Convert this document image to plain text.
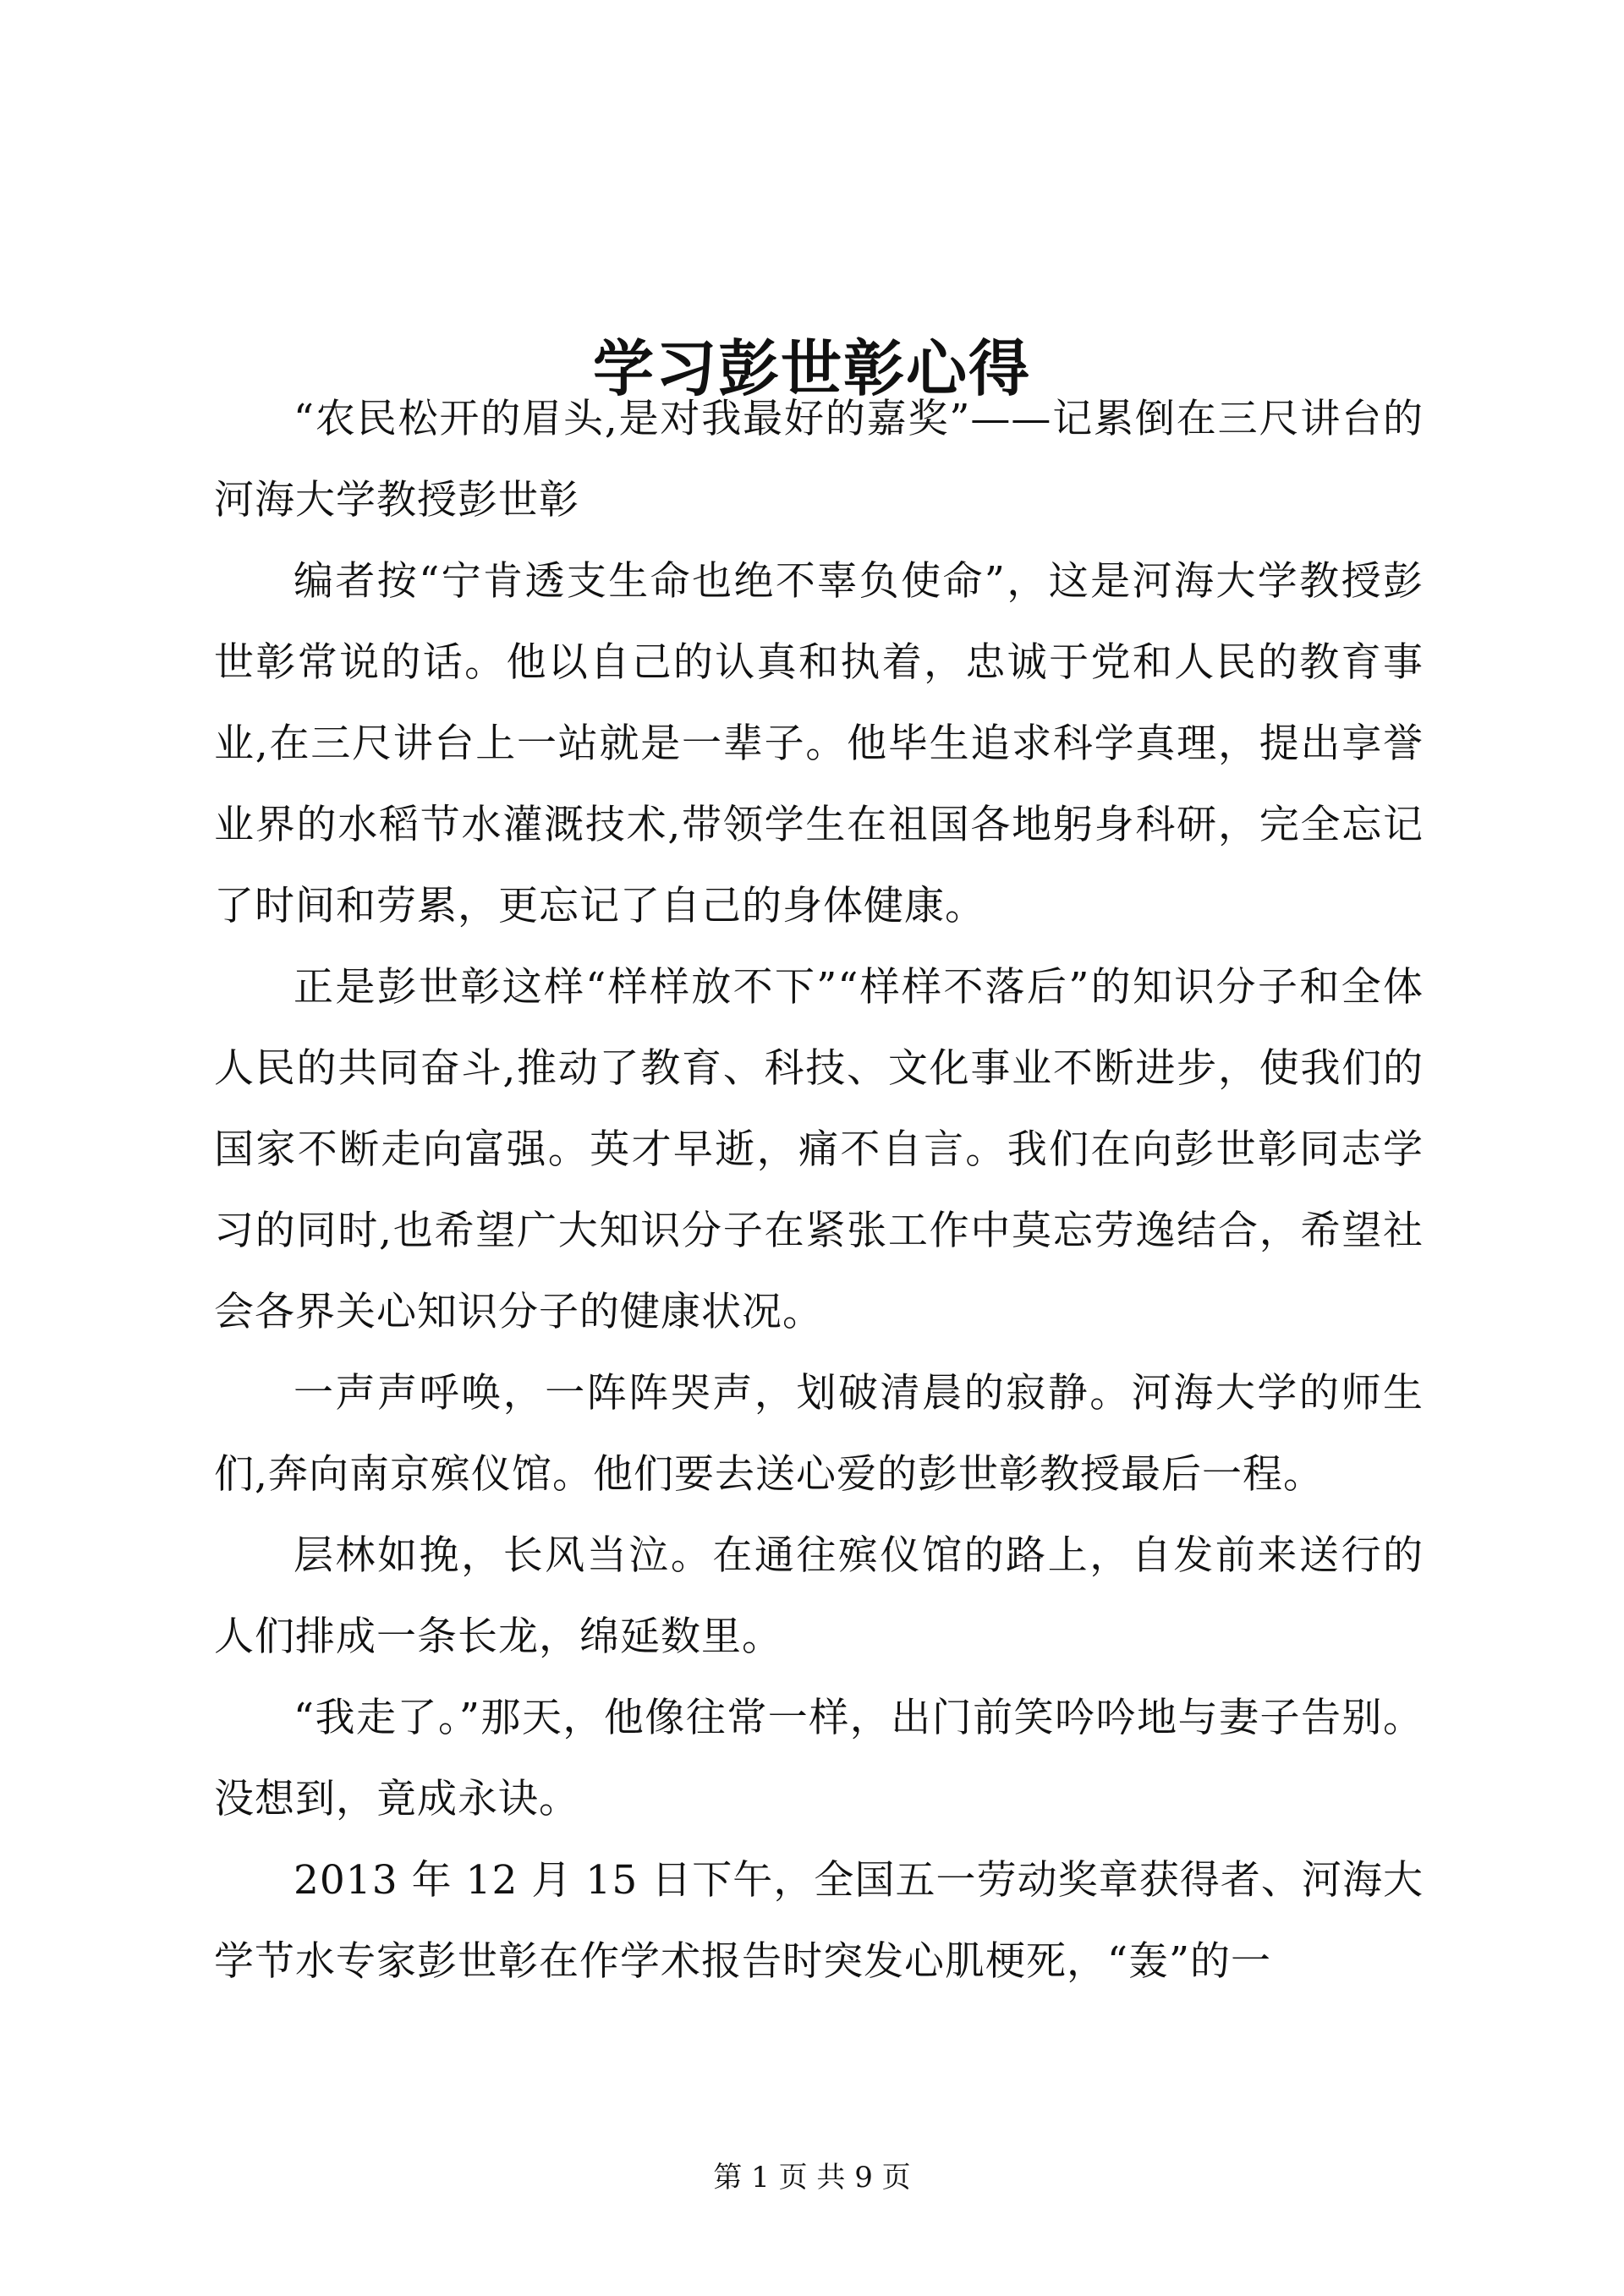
学习彭世彰心得

“农民松开的眉头,是对我最好的嘉奖”——记累倒在三尺讲台的河海大学教授彭世彰

编者按“宁肯透支生命也绝不辜负使命”，这是河海大学教授彭世彰常说的话。他以自己的认真和执着，忠诚于党和人民的教育事业,在三尺讲台上一站就是一辈子。他毕生追求科学真理，提出享誉业界的水稻节水灌溉技术,带领学生在祖国各地躬身科研，完全忘记了时间和劳累，更忘记了自己的身体健康。

正是彭世彰这样“样样放不下”“样样不落后”的知识分子和全体人民的共同奋斗,推动了教育、科技、文化事业不断进步，使我们的国家不断走向富强。英才早逝，痛不自言。我们在向彭世彰同志学习的同时,也希望广大知识分子在紧张工作中莫忘劳逸结合，希望社会各界关心知识分子的健康状况。

一声声呼唤，一阵阵哭声，划破清晨的寂静。河海大学的师生们,奔向南京殡仪馆。他们要去送心爱的彭世彰教授最后一程。

层林如挽，长风当泣。在通往殡仪馆的路上，自发前来送行的人们排成一条长龙，绵延数里。

“我走了。”那天，他像往常一样，出门前笑吟吟地与妻子告别。没想到，竟成永诀。

2013 年 12 月 15 日下午，全国五一劳动奖章获得者、河海大学节水专家彭世彰在作学术报告时突发心肌梗死，“轰”的一

第 1 页 共 9 页
